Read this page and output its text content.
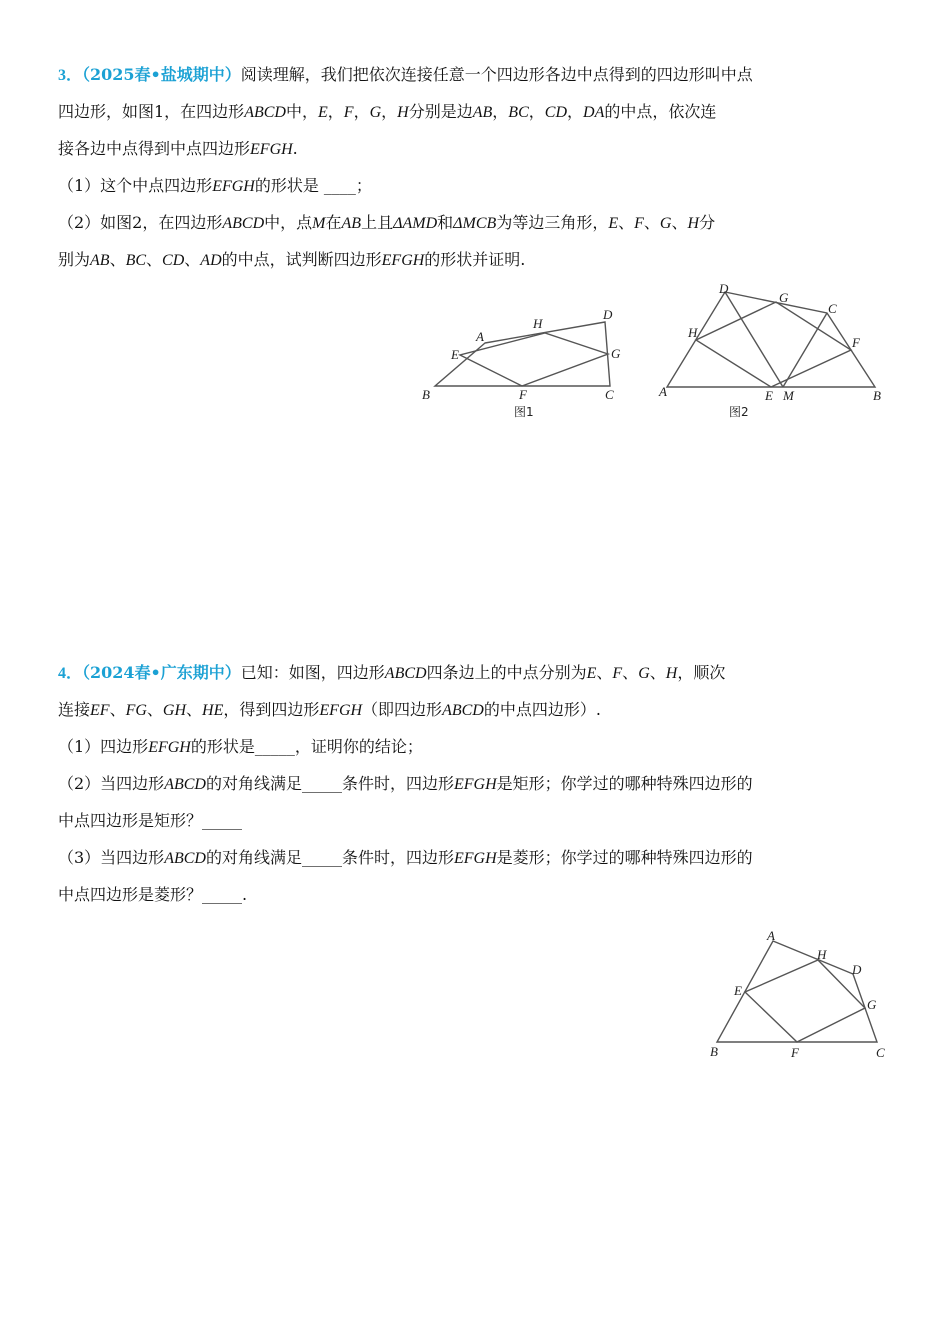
3．（2025春•盐城期中）阅读理解，我们把依次连接任意一个四边形各边中点得到的四边形叫中点
四边形，如图1，在四边形ABCD中，E，F，G，H分别是边AB，BC，CD，DA的中点，依次连
接各边中点得到中点四边形EFGH.
（1）这个中点四边形EFGH的形状是 ____；
（2）如图2，在四边形ABCD中，点M在AB上且ΔAMD和ΔMCB为等边三角形，E、F、G、H分
别为AB、BC、CD、AD的中点，试判断四边形EFGH的形状并证明.
A
H
D
E	G
B	F	C
图1
D
G
C
H
F
A	E M	B
图2
4．（2024春•广东期中）已知：如图，四边形ABCD四条边上的中点分别为E、F、G、H，顺次
连接EF、FG、GH、HE，得到四边形EFGH（即四边形ABCD的中点四边形）.
（1）四边形EFGH的形状是_____，证明你的结论；
（2）当四边形ABCD的对角线满足_____条件时，四边形EFGH是矩形；你学过的哪种特殊四边形的
中点四边形是矩形？_____
（3）当四边形ABCD的对角线满足_____条件时，四边形EFGH是菱形；你学过的哪种特殊四边形的
中点四边形是菱形？_____.
A
H
D
E
G
B	F	C
